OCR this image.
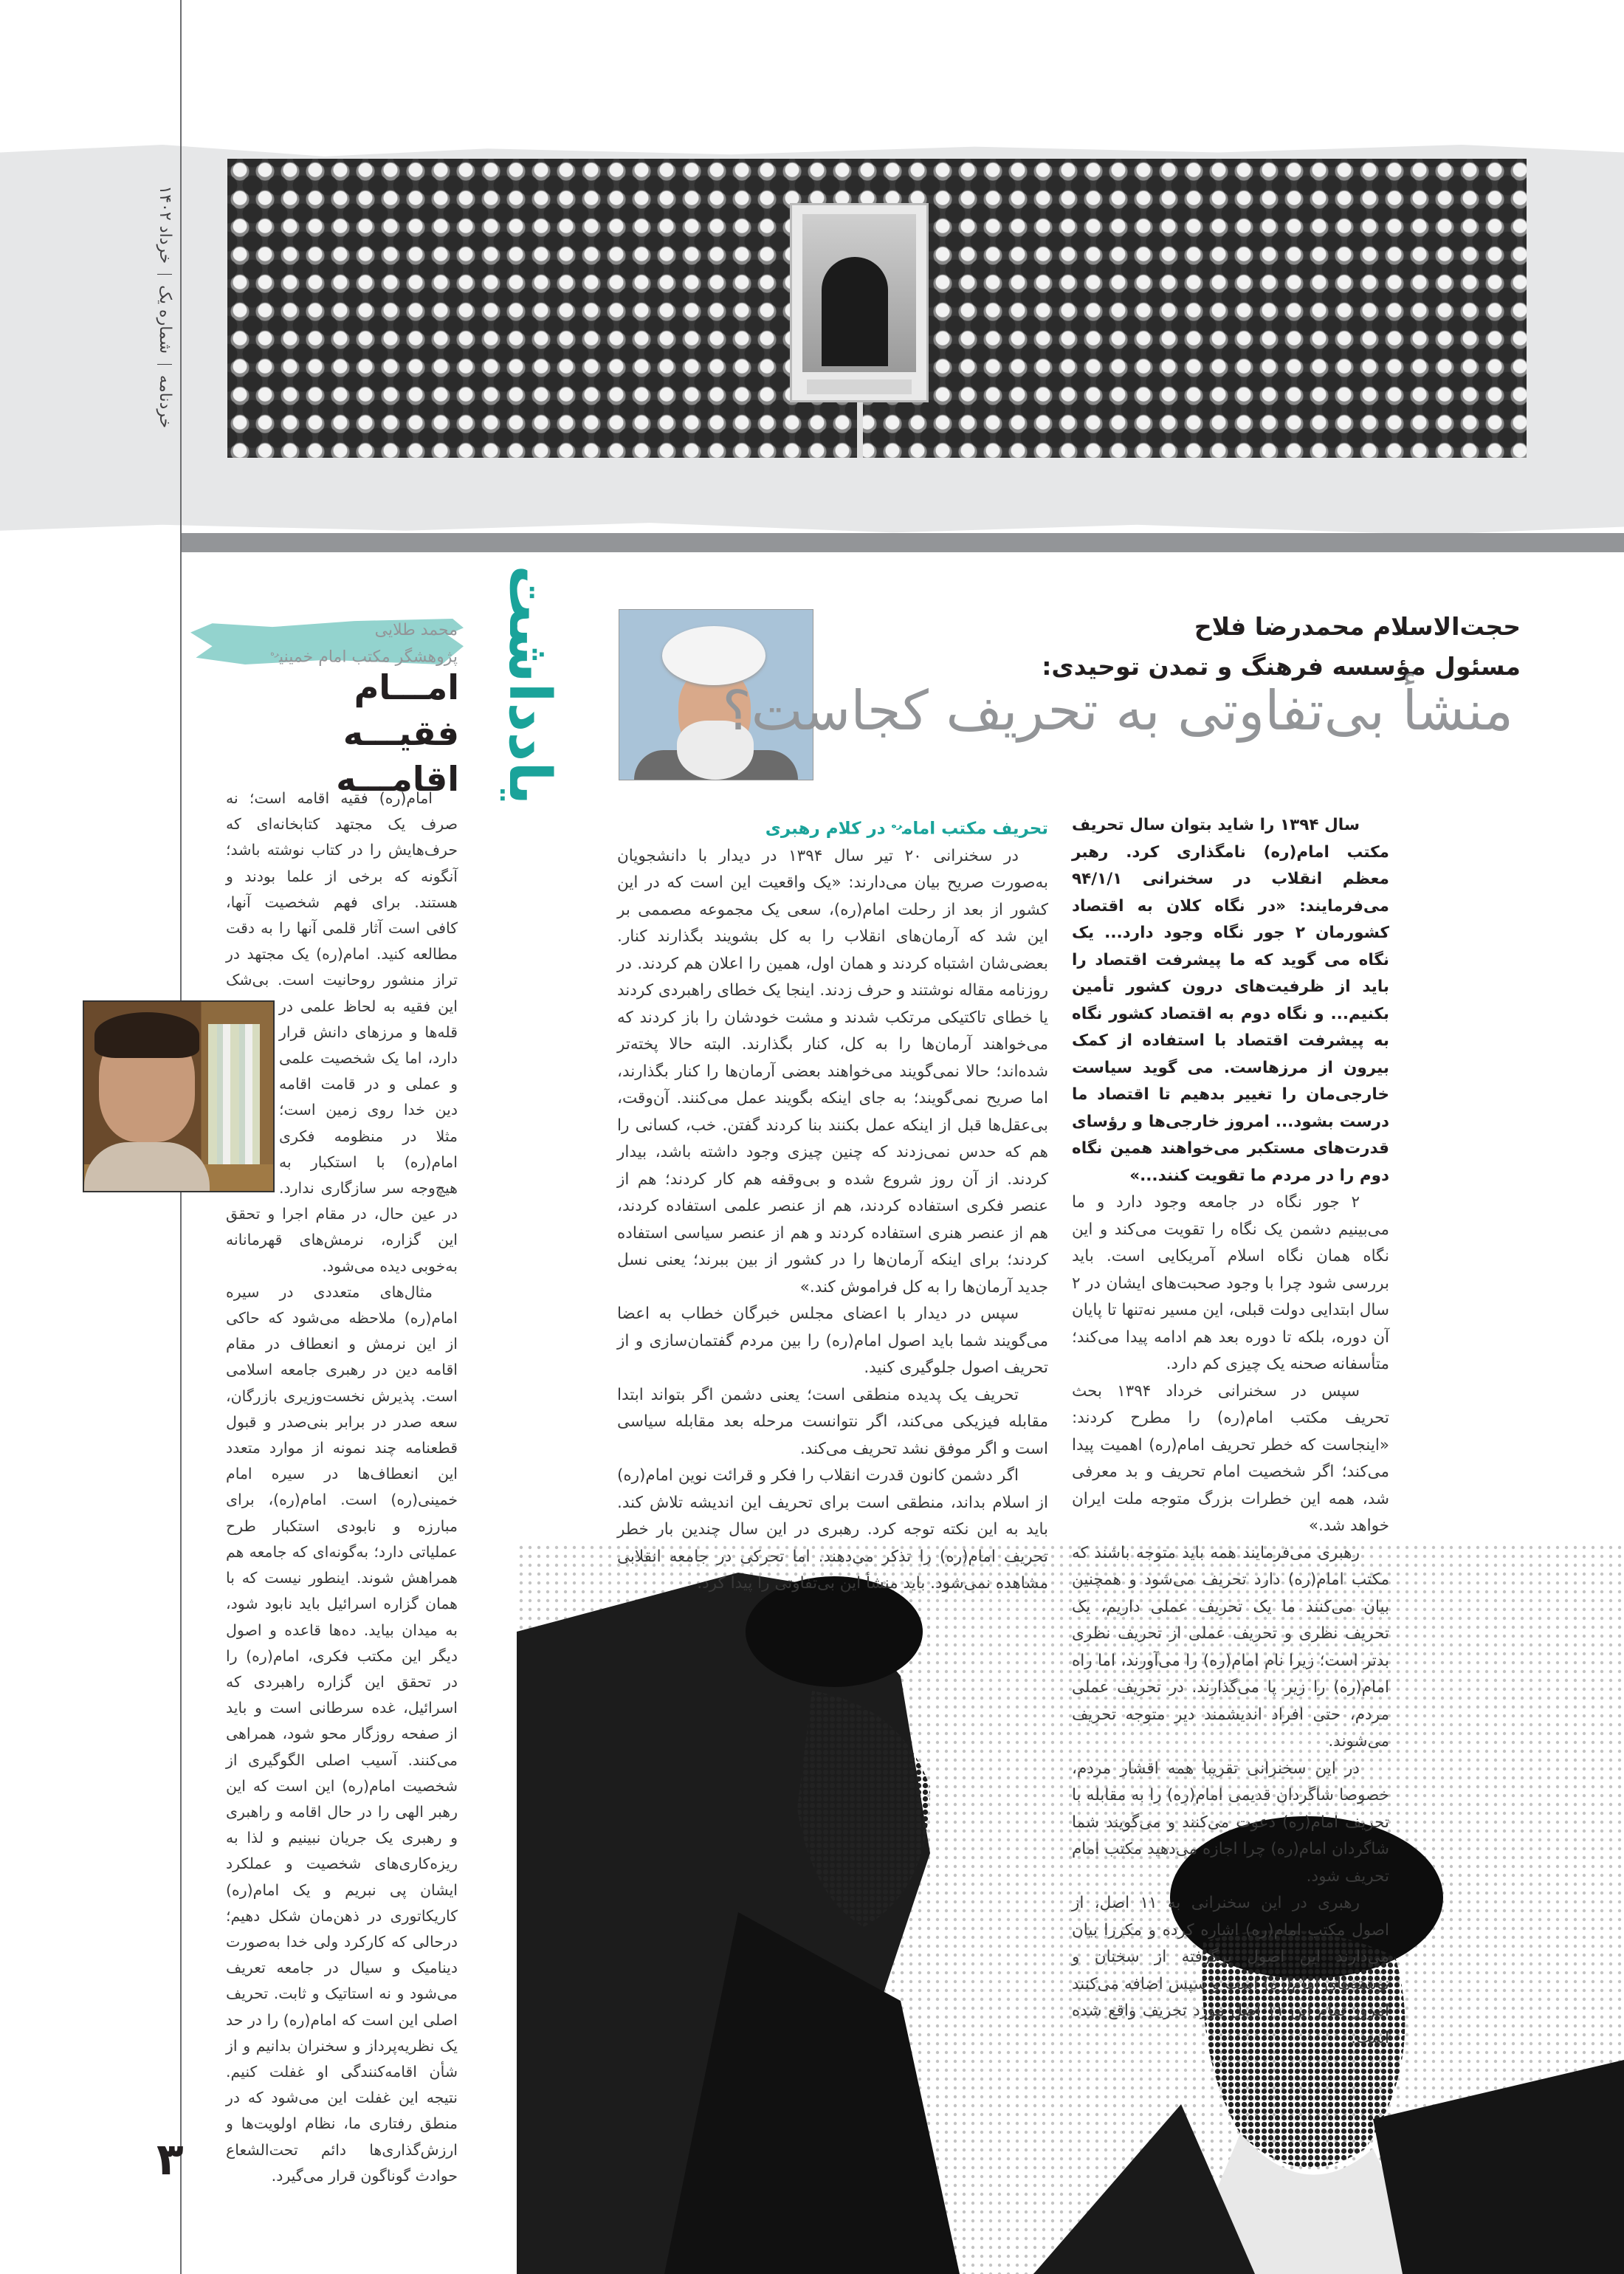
خردنامهشماره یکخرداد ۱۴۰۲
حجت‌الاسلام محمدرضا فلاح
مسئول مؤسسه فرهنگ و تمدن توحیدی:
منشأ بی‌تفاوتی به تحریف کجاست؟

سال ۱۳۹۴ را شاید بتوان سال تحریف مکتب امام(ره) نامگذاری کرد. رهبر معظم انقلاب در سخنرانی ۹۴/۱/۱ می‌فرمایند: «در نگاه کلان به اقتصاد کشورمان ۲ جور نگاه وجود دارد... یک نگاه می گوید که ما پیشرفت اقتصاد را باید از ظرفیت‌های درون کشور تأمین بکنیم... و نگاه دوم به اقتصاد کشور نگاه به پیشرفت اقتصاد با استفاده از کمک بیرون از مرزهاست. می گوید سیاست خارجی‌مان را تغییر بدهیم تا اقتصاد ما درست بشود... امروز خارجی‌ها و رؤسای قدرت‌های مستکبر می‌خواهند همین نگاه دوم را در مردم ما تقویت کنند...»

۲ جور نگاه در جامعه وجود دارد و ما می‌بینیم دشمن یک نگاه را تقویت می‌کند و این نگاه همان نگاه اسلام آمریکایی است. باید بررسی شود چرا با وجود صحبت‌های ایشان در ۲ سال ابتدایی دولت قبلی، این مسیر نه‌تنها تا پایان آن دوره، بلکه تا دوره بعد هم ادامه پیدا می‌کند؛ متأسفانه صحنه یک چیزی کم دارد.

سپس در سخنرانی خرداد ۱۳۹۴ بحث تحریف مکتب امام(ره) را مطرح کردند: «اینجاست که خطر تحریف امام(ره) اهمیت پیدا می‌کند؛ اگر شخصیت امام تحریف و بد معرفی شد، همه این خطرات بزرگ متوجه ملت ایران خواهد شد.»

رهبری می‌فرمایند همه باید متوجه باشند که مکتب امام(ره) دارد تحریف می‌شود و همچنین بیان می‌کنند ما یک تحریف عملی داریم، یک تحریف نظری و تحریف عملی از تحریف نظری بدتر است؛ زیرا نام امام(ره) را می‌آورند، اما راه امام(ره) را زیر پا می‌گذارند. در تحریف عملی مردم، حتی افراد اندیشمند دیر متوجه تحریف می‌شوند.

در این سخنرانی تقریبا همه اقشار مردم، خصوصا شاگردان قدیمی امام(ره) را به مقابله با تحریف امام(ره) دعوت می‌کنند و می‌گویند شما شاگردان امام(ره) چرا اجازه می‌دهید مکتب امام تحریف شود.

رهبری در این سخنرانی به ۱۱ اصل، از اصول مکتب امام(ره) اشاره کرده و مکررا بیان می‌دارند این اصول برگرفته از سخنان و نوشته‌های امام(ره) است و سپس اضافه می‌کنند امروز تمام این ۱۱ اصل مورد تحریف واقع شده است.

تحریف مکتب امام$^{ره}$ در کلام رهبری

در سخنرانی ۲۰ تیر سال ۱۳۹۴ در دیدار با دانشجویان به‌صورت صریح بیان می‌دارند: «یک واقعیت این است که در این کشور از بعد از رحلت امام(ره)، سعی یک مجموعه مصممی بر این شد که آرمان‌های انقلاب را به کل بشویند بگذارند کنار. بعضی‌شان اشتباه کردند و همان اول، همین را اعلان هم کردند. در روزنامه مقاله نوشتند و حرف زدند. اینجا یک خطای راهبردی کردند یا خطای تاکتیکی مرتکب شدند و مشت خودشان را باز کردند که می‌خواهند آرمان‌ها را به کل، کنار بگذارند. البته حالا پخته‌تر شده‌اند؛ حالا نمی‌گویند می‌خواهند بعضی آرمان‌ها را کنار بگذارند، اما صریح نمی‌گویند؛ به جای اینکه بگویند عمل می‌کنند. آن‌وقت، بی‌عقل‌ها قبل از اینکه عمل بکنند بنا کردند گفتن. خب، کسانی را هم که حدس نمی‌زدند که چنین چیزی وجود داشته باشد، بیدار کردند. از آن روز شروع شده و بی‌وقفه هم کار کردند؛ هم از عنصر فکری استفاده کردند، هم از عنصر علمی استفاده کردند، هم از عنصر هنری استفاده کردند و هم از عنصر سیاسی استفاده کردند؛ برای اینکه آرمان‌ها را در کشور از بین ببرند؛ یعنی نسل جدید آرمان‌ها را به کل فراموش کند.»

سپس در دیدار با اعضای مجلس خبرگان خطاب به اعضا می‌گویند شما باید اصول امام(ره) را بین مردم گفتمان‌سازی و از تحریف اصول جلوگیری کنید.

تحریف یک پدیده منطقی است؛ یعنی دشمن اگر بتواند ابتدا مقابله فیزیکی می‌کند، اگر نتوانست مرحله بعد مقابله سیاسی است و اگر موفق نشد تحریف می‌کند.

اگر دشمن کانون قدرت انقلاب را فکر و قرائت نوین امام(ره) از اسلام بداند، منطقی است برای تحریف این اندیشه تلاش کند. باید به این نکته توجه کرد. رهبری در این سال چندین بار خطر تحریف امام(ره) را تذکر می‌دهند. اما تحرکی در جامعه انقلابی مشاهده نمی‌شود. باید منشأ این بی‌تفاوتی را پیدا کرد.

یادداشت
محمد طلایی
پژوهشگر مکتب امام خمینی$^{ره}$
امـــام
فقیـــه اقامـــه

امام(ره) فقیه اقامه است؛ نه صرف یک مجتهد کتابخانه‌ای که حرف‌هایش را در کتاب نوشته باشد؛ آنگونه که برخی از علما بودند و هستند. برای فهم شخصیت آنها، کافی است آثار قلمی آنها را به دقت مطالعه کنید. امام(ره) یک مجتهد در تراز منشور روحانیت است. بی‌شک این فقیه به لحاظ علمی در قله‌ها و مرزهای دانش قرار دارد، اما یک شخصیت علمی و عملی و در قامت اقامه دین خدا روی زمین است؛ مثلا در منظومه فکری امام(ره) با استکبار به هیچ‌وجه سر سازگاری ندارد. در عین حال، در مقام اجرا و تحقق این گزاره، نرمش‌های قهرمانانه به‌خوبی دیده می‌شود.

مثال‌های متعددی در سیره امام(ره) ملاحظه می‌شود که حاکی از این نرمش و انعطاف در مقام اقامه دین در رهبری جامعه اسلامی است. پذیرش نخست‌وزیری بازرگان، سعه صدر در برابر بنی‌صدر و قبول قطعنامه چند نمونه از موارد متعدد این انعطاف‌ها در سیره امام خمینی(ره) است. امام(ره)، برای مبارزه و نابودی استکبار طرح عملیاتی دارد؛ به‌گونه‌ای که جامعه هم همراهش شوند. اینطور نیست که با همان گزاره اسرائیل باید نابود شود، به میدان بیاید. ده‌ها قاعده و اصول دیگر این مکتب فکری، امام(ره) را در تحقق این گزاره راهبردی که اسرائیل، غده سرطانی است و باید از صفحه روزگار محو شود، همراهی می‌کنند. آسیب اصلی الگوگیری از شخصیت امام(ره) این است که این رهبر الهی را در حال اقامه و راهبری و رهبری یک جریان نبینیم و لذا به ریزه‌کاری‌های شخصیت و عملکرد ایشان پی نبریم و یک امام(ره) کاریکاتوری در ذهن‌مان شکل دهیم؛ درحالی که کارکرد ولی خدا به‌صورت دینامیک و سیال در جامعه تعریف می‌شود و نه استاتیک و ثابت. تحریف اصلی این است که امام(ره) را در حد یک نظریه‌پرداز و سخنران بدانیم و از شأن اقامه‌کنندگی او غفلت کنیم. نتیجه این غفلت این می‌شود که در منطق رفتاری ما، نظام اولویت‌ها و ارزش‌گذاری‌ها دائم تحت‌الشعاع حوادث گوناگون قرار می‌گیرد.

۳
